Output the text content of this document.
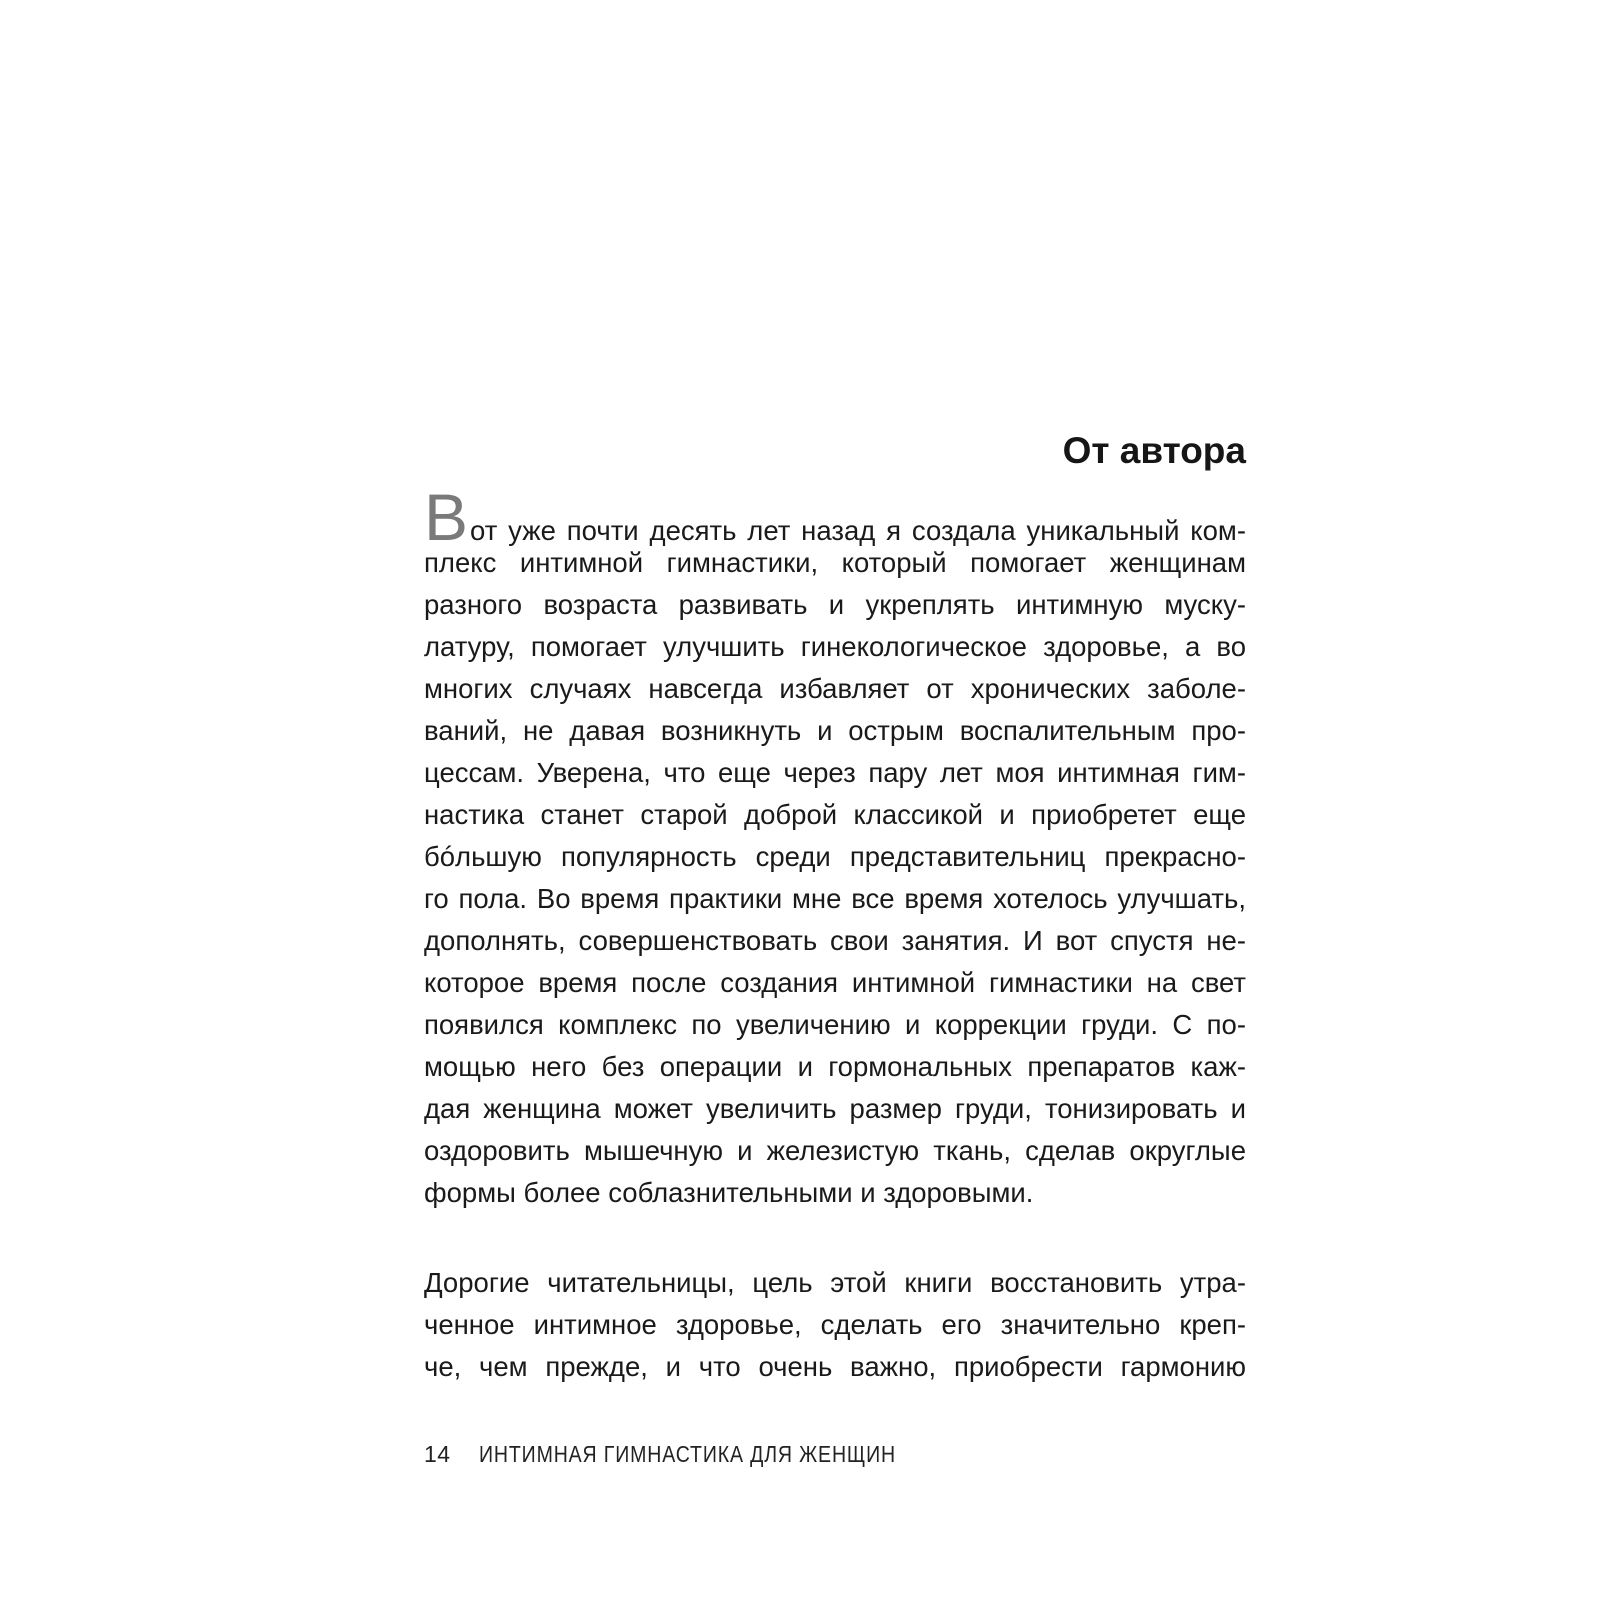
От автора
Вот уже почти десять лет назад я создала уникальный ком-
плекс интимной гимнастики, который помогает женщинам
разного возраста развивать и укреплять интимную муску-
латуру, помогает улучшить гинекологическое здоровье, а во
многих случаях навсегда избавляет от хронических заболе-
ваний, не давая возникнуть и острым воспалительным про-
цессам. Уверена, что еще через пару лет моя интимная гим-
настика станет старой доброй классикой и приобретет еще
бóльшую популярность среди представительниц прекрасно-
го пола. Во время практики мне все время хотелось улучшать,
дополнять, совершенствовать свои занятия. И вот спустя не-
которое время после создания интимной гимнастики на свет
появился комплекс по увеличению и коррекции груди. С по-
мощью него без операции и гормональных препаратов каж-
дая женщина может увеличить размер груди, тонизировать и
оздоровить мышечную и железистую ткань, сделав округлые
формы более соблазнительными и здоровыми.
Дорогие читательницы, цель этой книги восстановить утра-
ченное интимное здоровье, сделать его значительно креп-
че, чем прежде, и что очень важно, приобрести гармонию
14 ИНТИМНАЯ ГИМНАСТИКА ДЛЯ ЖЕНЩИН
